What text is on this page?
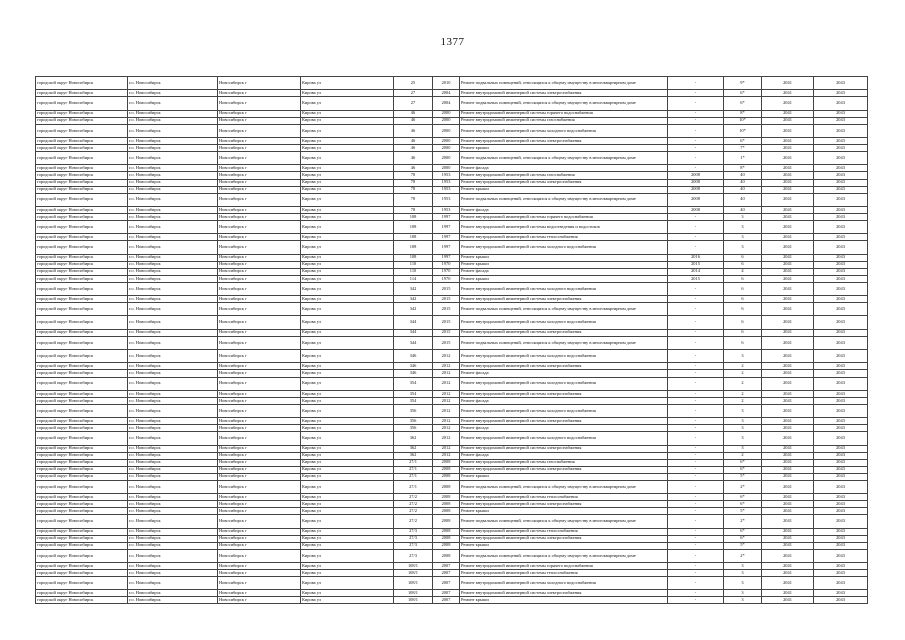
1377
городской округ Новосибирск	г.о. Новосибирск	Новосибирск г	Кирова ул	25	2010	Ремонт подвальных помещений, относящихся к общему имуществу в многоквартирном доме	-	9*	2041	2043
городской округ Новосибирск	г.о. Новосибирск	Новосибирск г	Кирова ул	27	2004	Ремонт внутридомовой инженерной системы электроснабжения	-	6*	2041	2043
городской округ Новосибирск	г.о. Новосибирск	Новосибирск г	Кирова ул	27	2004	Ремонт подвальных помещений, относящихся к общему имуществу в многоквартирном доме	-	6*	2041	2043
городской округ Новосибирск	г.о. Новосибирск	Новосибирск г	Кирова ул	46	2000	Ремонт внутридомовой инженерной системы горячего водоснабжения	-	8*	2041	2043
городской округ Новосибирск	г.о. Новосибирск	Новосибирск г	Кирова ул	46	2000	Ремонт внутридомовой инженерной системы газоснабжения	-	10*	2041	2043
городской округ Новосибирск	г.о. Новосибирск	Новосибирск г	Кирова ул	46	2000	Ремонт внутридомовой инженерной системы холодного водоснабжения	-	10*	2041	2043
городской округ Новосибирск	г.о. Новосибирск	Новосибирск г	Кирова ул	46	2000	Ремонт внутридомовой инженерной системы электроснабжения	-	6*	2041	2043
городской округ Новосибирск	г.о. Новосибирск	Новосибирск г	Кирова ул	46	2000	Ремонт крыши	-	7*	2041	2043
городской округ Новосибирск	г.о. Новосибирск	Новосибирск г	Кирова ул	46	2000	Ремонт подвальных помещений, относящихся к общему имуществу в многоквартирном доме	-	1*	2041	2043
городской округ Новосибирск	г.о. Новосибирск	Новосибирск г	Кирова ул	46	2000	Ремонт фасада	-	8*	2041	2043
городской округ Новосибирск	г.о. Новосибирск	Новосибирск г	Кирова ул	78	1953	Ремонт внутридомовой инженерной системы газоснабжения	2008	40	2041	2043
городской округ Новосибирск	г.о. Новосибирск	Новосибирск г	Кирова ул	78	1953	Ремонт внутридомовой инженерной системы электроснабжения	2008	40	2041	2043
городской округ Новосибирск	г.о. Новосибирск	Новосибирск г	Кирова ул	78	1953	Ремонт крыши	2008	40	2041	2043
городской округ Новосибирск	г.о. Новосибирск	Новосибирск г	Кирова ул	78	1953	Ремонт подвальных помещений, относящихся к общему имуществу в многоквартирном доме	2008	40	2041	2043
городской округ Новосибирск	г.о. Новосибирск	Новосибирск г	Кирова ул	78	1953	Ремонт фасада	2008	40	2041	2043
городской округ Новосибирск	г.о. Новосибирск	Новосибирск г	Кирова ул	108	1997	Ремонт внутридомовой инженерной системы горячего водоснабжения	-	3	2041	2043
городской округ Новосибирск	г.о. Новосибирск	Новосибирск г	Кирова ул	108	1997	Ремонт внутридомовой инженерной системы водоотведения и водостоков	-	3	2041	2043
городской округ Новосибирск	г.о. Новосибирск	Новосибирск г	Кирова ул	108	1997	Ремонт внутридомовой инженерной системы теплоснабжения	-	3	2041	2043
городской округ Новосибирск	г.о. Новосибирск	Новосибирск г	Кирова ул	108	1997	Ремонт внутридомовой инженерной системы холодного водоснабжения	-	3	2041	2043
городской округ Новосибирск	г.о. Новосибирск	Новосибирск г	Кирова ул	108	1997	Ремонт крыши	2016	6	2041	2043
городской округ Новосибирск	г.о. Новосибирск	Новосибирск г	Кирова ул	110	1970	Ремонт крыши	2015	6	2041	2043
городской округ Новосибирск	г.о. Новосибирск	Новосибирск г	Кирова ул	110	1970	Ремонт фасада	2014	4	2041	2043
городской округ Новосибирск	г.о. Новосибирск	Новосибирск г	Кирова ул	114	1970	Ремонт крыши	2015	6	2041	2043
городской округ Новосибирск	г.о. Новосибирск	Новосибирск г	Кирова ул	342	2015	Ремонт внутридомовой инженерной системы холодного водоснабжения	-	6	2041	2043
городской округ Новосибирск	г.о. Новосибирск	Новосибирск г	Кирова ул	342	2015	Ремонт внутридомовой инженерной системы электроснабжения	-	6	2041	2043
городской округ Новосибирск	г.о. Новосибирск	Новосибирск г	Кирова ул	342	2015	Ремонт подвальных помещений, относящихся к общему имуществу в многоквартирном доме	-	6	2041	2043
городской округ Новосибирск	г.о. Новосибирск	Новосибирск г	Кирова ул	344	2015	Ремонт внутридомовой инженерной системы холодного водоснабжения	-	6	2041	2043
городской округ Новосибирск	г.о. Новосибирск	Новосибирск г	Кирова ул	344	2015	Ремонт внутридомовой инженерной системы электроснабжения	-	6	2041	2043
городской округ Новосибирск	г.о. Новосибирск	Новосибирск г	Кирова ул	344	2015	Ремонт подвальных помещений, относящихся к общему имуществу в многоквартирном доме	-	6	2041	2043
городской округ Новосибирск	г.о. Новосибирск	Новосибирск г	Кирова ул	346	2012	Ремонт внутридомовой инженерной системы холодного водоснабжения	-	3	2041	2043
городской округ Новосибирск	г.о. Новосибирск	Новосибирск г	Кирова ул	346	2012	Ремонт внутридомовой инженерной системы электроснабжения	-	2	2041	2043
городской округ Новосибирск	г.о. Новосибирск	Новосибирск г	Кирова ул	346	2012	Ремонт фасада	-	2	2041	2043
городской округ Новосибирск	г.о. Новосибирск	Новосибирск г	Кирова ул	354	2012	Ремонт внутридомовой инженерной системы холодного водоснабжения	-	2	2041	2043
городской округ Новосибирск	г.о. Новосибирск	Новосибирск г	Кирова ул	354	2012	Ремонт внутридомовой инженерной системы электроснабжения	-	2	2041	2043
городской округ Новосибирск	г.о. Новосибирск	Новосибирск г	Кирова ул	354	2012	Ремонт фасада	-	2	2041	2043
городской округ Новосибирск	г.о. Новосибирск	Новосибирск г	Кирова ул	356	2012	Ремонт внутридомовой инженерной системы холодного водоснабжения	-	3	2041	2043
городской округ Новосибирск	г.о. Новосибирск	Новосибирск г	Кирова ул	356	2012	Ремонт внутридомовой инженерной системы электроснабжения	-	3	2041	2043
городской округ Новосибирск	г.о. Новосибирск	Новосибирск г	Кирова ул	356	2012	Ремонт фасада	-	3	2041	2043
городской округ Новосибирск	г.о. Новосибирск	Новосибирск г	Кирова ул	362	2012	Ремонт внутридомовой инженерной системы холодного водоснабжения	-	3	2041	2043
городской округ Новосибирск	г.о. Новосибирск	Новосибирск г	Кирова ул	362	2012	Ремонт внутридомовой инженерной системы электроснабжения	-	3	2041	2043
городской округ Новосибирск	г.о. Новосибирск	Новосибирск г	Кирова ул	362	2012	Ремонт фасада	-	2	2041	2043
городской округ Новосибирск	г.о. Новосибирск	Новосибирск г	Кирова ул	27/1	2008	Ремонт внутридомовой инженерной системы газоснабжения	-	6*	2041	2043
городской округ Новосибирск	г.о. Новосибирск	Новосибирск г	Кирова ул	27/1	2008	Ремонт внутридомовой инженерной системы электроснабжения	-	6*	2041	2043
городской округ Новосибирск	г.о. Новосибирск	Новосибирск г	Кирова ул	27/1	2008	Ремонт крыши	-	5*	2041	2043
городской округ Новосибирск	г.о. Новосибирск	Новосибирск г	Кирова ул	27/1	2008	Ремонт подвальных помещений, относящихся к общему имуществу в многоквартирном доме	-	2*	2041	2043
городской округ Новосибирск	г.о. Новосибирск	Новосибирск г	Кирова ул	27/2	2008	Ремонт внутридомовой инженерной системы теплоснабжения	-	6*	2041	2043
городской округ Новосибирск	г.о. Новосибирск	Новосибирск г	Кирова ул	27/2	2008	Ремонт внутридомовой инженерной системы электроснабжения	-	6*	2041	2043
городской округ Новосибирск	г.о. Новосибирск	Новосибирск г	Кирова ул	27/2	2008	Ремонт крыши	-	5*	2041	2043
городской округ Новосибирск	г.о. Новосибирск	Новосибирск г	Кирова ул	27/2	2008	Ремонт подвальных помещений, относящихся к общему имуществу в многоквартирном доме	-	2*	2041	2043
городской округ Новосибирск	г.о. Новосибирск	Новосибирск г	Кирова ул	27/3	2008	Ремонт внутридомовой инженерной системы теплоснабжения	-	6*	2041	2043
городской округ Новосибирск	г.о. Новосибирск	Новосибирск г	Кирова ул	27/3	2008	Ремонт внутридомовой инженерной системы электроснабжения	-	6*	2041	2043
городской округ Новосибирск	г.о. Новосибирск	Новосибирск г	Кирова ул	27/3	2008	Ремонт крыши	-	5*	2041	2043
городской округ Новосибирск	г.о. Новосибирск	Новосибирск г	Кирова ул	27/3	2008	Ремонт подвальных помещений, относящихся к общему имуществу в многоквартирном доме	-	2*	2041	2043
городской округ Новосибирск	г.о. Новосибирск	Новосибирск г	Кирова ул	108/1	2007	Ремонт внутридомовой инженерной системы горячего водоснабжения	-	3	2041	2043
городской округ Новосибирск	г.о. Новосибирск	Новосибирск г	Кирова ул	108/1	2007	Ремонт внутридомовой инженерной системы теплоснабжения	-	3	2041	2043
городской округ Новосибирск	г.о. Новосибирск	Новосибирск г	Кирова ул	108/1	2007	Ремонт внутридомовой инженерной системы холодного водоснабжения	-	3	2041	2043
городской округ Новосибирск	г.о. Новосибирск	Новосибирск г	Кирова ул	108/1	2007	Ремонт внутридомовой инженерной системы электроснабжения	-	3	2041	2043
городской округ Новосибирск	г.о. Новосибирск	Новосибирск г	Кирова ул	108/1	2007	Ремонт крыши	-	3	2041	2043
